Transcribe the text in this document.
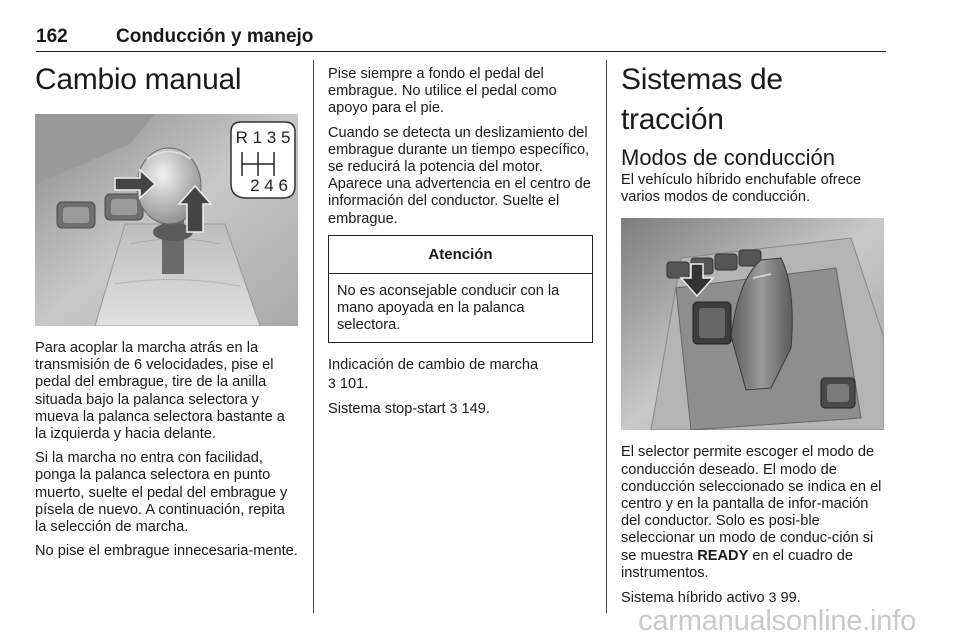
162	Conducción y manejo
Cambio manual
R 1 3 5
2 4 6

Para acoplar la marcha atrás en la transmisión de 6 velocidades, pise el pedal del embrague, tire de la anilla situada bajo la palanca selectora y mueva la palanca selectora bastante a la izquierda y hacia delante.

Si la marcha no entra con facilidad, ponga la palanca selectora en punto muerto, suelte el pedal del embrague y písela de nuevo. A continuación, repita la selección de marcha.

No pise el embrague innecesaria-mente.

Pise siempre a fondo el pedal del embrague. No utilice el pedal como apoyo para el pie.

Cuando se detecta un deslizamiento del embrague durante un tiempo específico, se reducirá la potencia del motor. Aparece una advertencia en el centro de información del conductor. Suelte el embrague.

Atención
No es aconsejable conducir con la mano apoyada en la palanca selectora.

Indicación de cambio de marcha
3 101.

Sistema stop-start 3 149.

Sistemas de tracción
Modos de conducción

El vehículo híbrido enchufable ofrece varios modos de conducción.

El selector permite escoger el modo de conducción deseado. El modo de conducción seleccionado se indica en el centro y en la pantalla de infor-mación del conductor. Solo es posi-ble seleccionar un modo de conduc-ción si se muestra READY en el cuadro de instrumentos.

Sistema híbrido activo 3 99.

carmanualsonline.info
